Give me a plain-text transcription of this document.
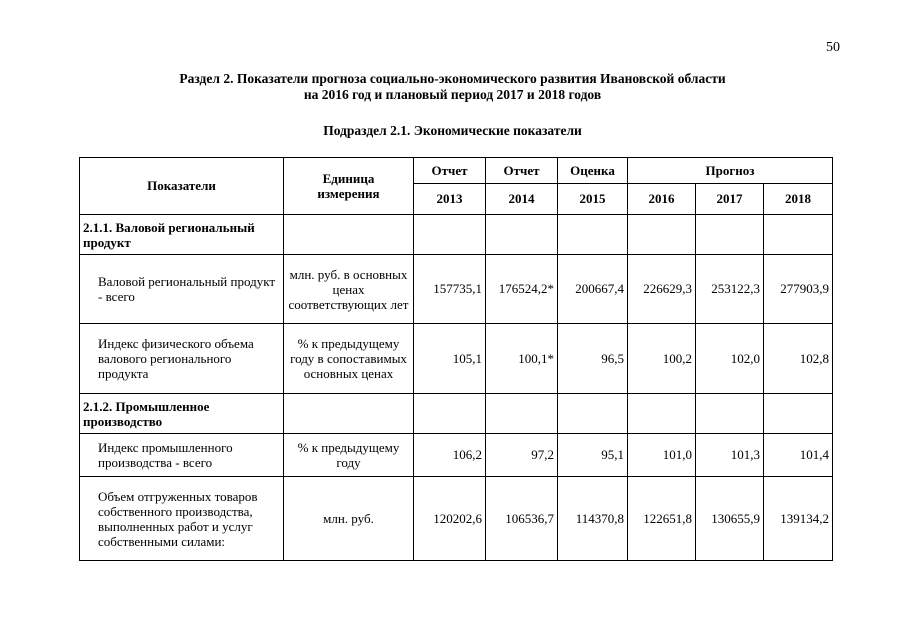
50
Раздел 2. Показатели прогноза социально-экономического развития Ивановской области
на 2016 год и плановый период 2017 и 2018 годов
Подраздел 2.1. Экономические показатели
Показатели	Единица измерения	Отчет	Отчет	Оценка	Прогноз		
		2013	2014	2015	2016	2017	2018
2.1.1. Валовой региональный продукт							
Валовой региональный продукт - всего	млн. руб. в основных ценах соответствующих лет	157735,1	176524,2*	200667,4	226629,3	253122,3	277903,9
Индекс физического объема валового регионального продукта	% к предыдущему году в сопоставимых основных ценах	105,1	100,1*	96,5	100,2	102,0	102,8
2.1.2. Промышленное производство							
Индекс промышленного производства - всего	% к предыдущему году	106,2	97,2	95,1	101,0	101,3	101,4
Объем отгруженных товаров собственного производства, выполненных работ и услуг собственными силами:	млн. руб.	120202,6	106536,7	114370,8	122651,8	130655,9	139134,2
